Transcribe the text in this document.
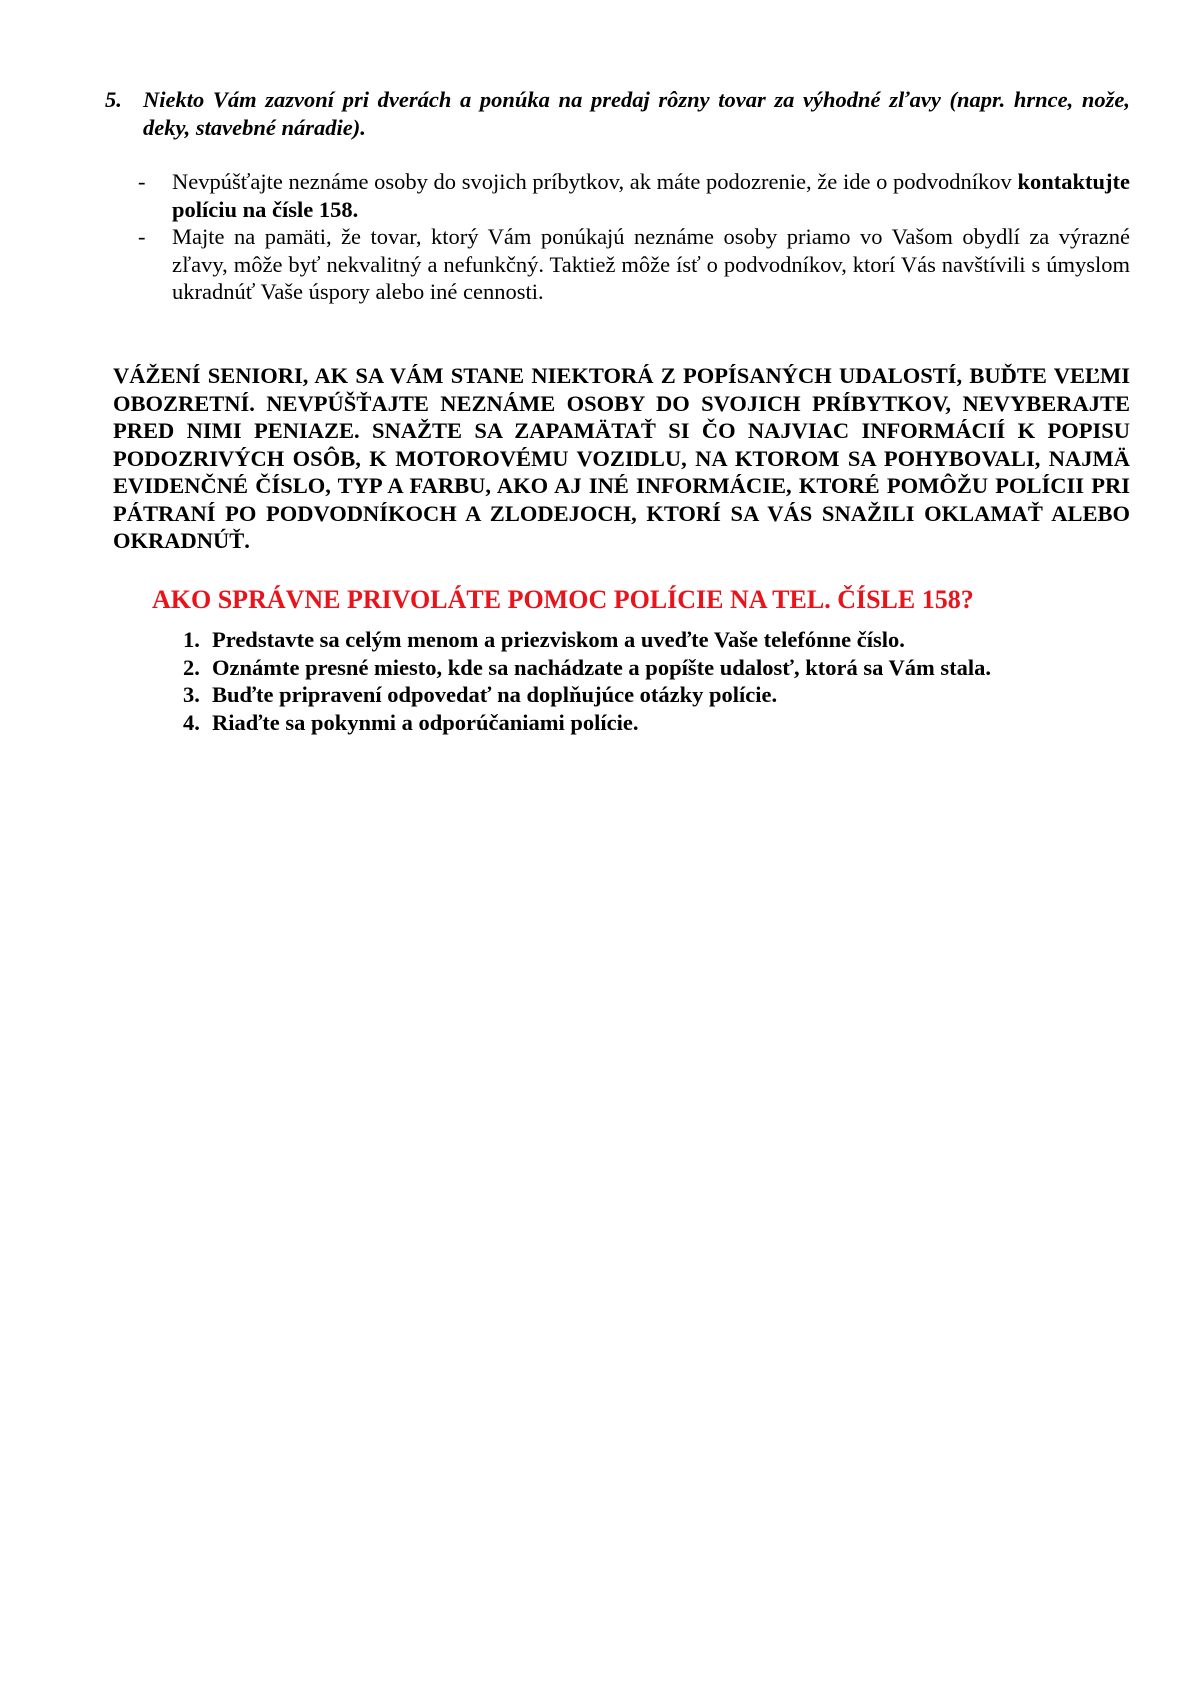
5. Niekto Vám zazvoní pri dverách a ponúka na predaj rôzny tovar za výhodné zľavy (napr. hrnce, nože, deky, stavebné náradie).
- Nevpúšťajte neznáme osoby do svojich príbytkov, ak máte podozrenie, že ide o podvodníkov kontaktujte políciu na čísle 158.
- Majte na pamäti, že tovar, ktorý Vám ponúkajú neznáme osoby priamo vo Vašom obydlí za výrazné zľavy, môže byť nekvalitný a nefunkčný. Taktiež môže ísť o podvodníkov, ktorí Vás navštívili s úmyslom ukradnúť Vaše úspory alebo iné cennosti.
VÁŽENÍ SENIORI, AK SA VÁM STANE NIEKTORÁ Z POPÍSANÝCH UDALOSTÍ, BUĎTE VEĽMI OBOZRETNÍ. NEVPÚŠŤAJTE NEZNÁME OSOBY DO SVOJICH PRÍBYTKOV, NEVYBERAJTE PRED NIMI PENIAZE. SNAŽTE SA ZAPAMÄTAŤ SI ČO NAJVIAC INFORMÁCIÍ K POPISU PODOZRIVÝCH OSÔB, K MOTOROVÉMU VOZIDLU, NA KTOROM SA POHYBOVALI, NAJMÄ EVIDENČNÉ ČÍSLO, TYP A FARBU, AKO AJ INÉ INFORMÁCIE, KTORÉ POMÔŽU POLÍCII PRI PÁTRANÍ PO PODVODNÍKOCH A ZLODEJOCH, KTORÍ SA VÁS SNAŽILI OKLAMAŤ ALEBO OKRADNÚŤ.
AKO SPRÁVNE PRIVOLÁTE POMOC POLÍCIE NA TEL. ČÍSLE 158?
1. Predstavte sa celým menom a priezviskom a uveďte Vaše telefónne číslo.
2. Oznámte presné miesto, kde sa nachádzate a popíšte udalosť, ktorá sa Vám stala.
3. Buďte pripravení odpovedať na doplňujúce otázky polície.
4. Riaďte sa pokynmi a odporúčaniami polície.
